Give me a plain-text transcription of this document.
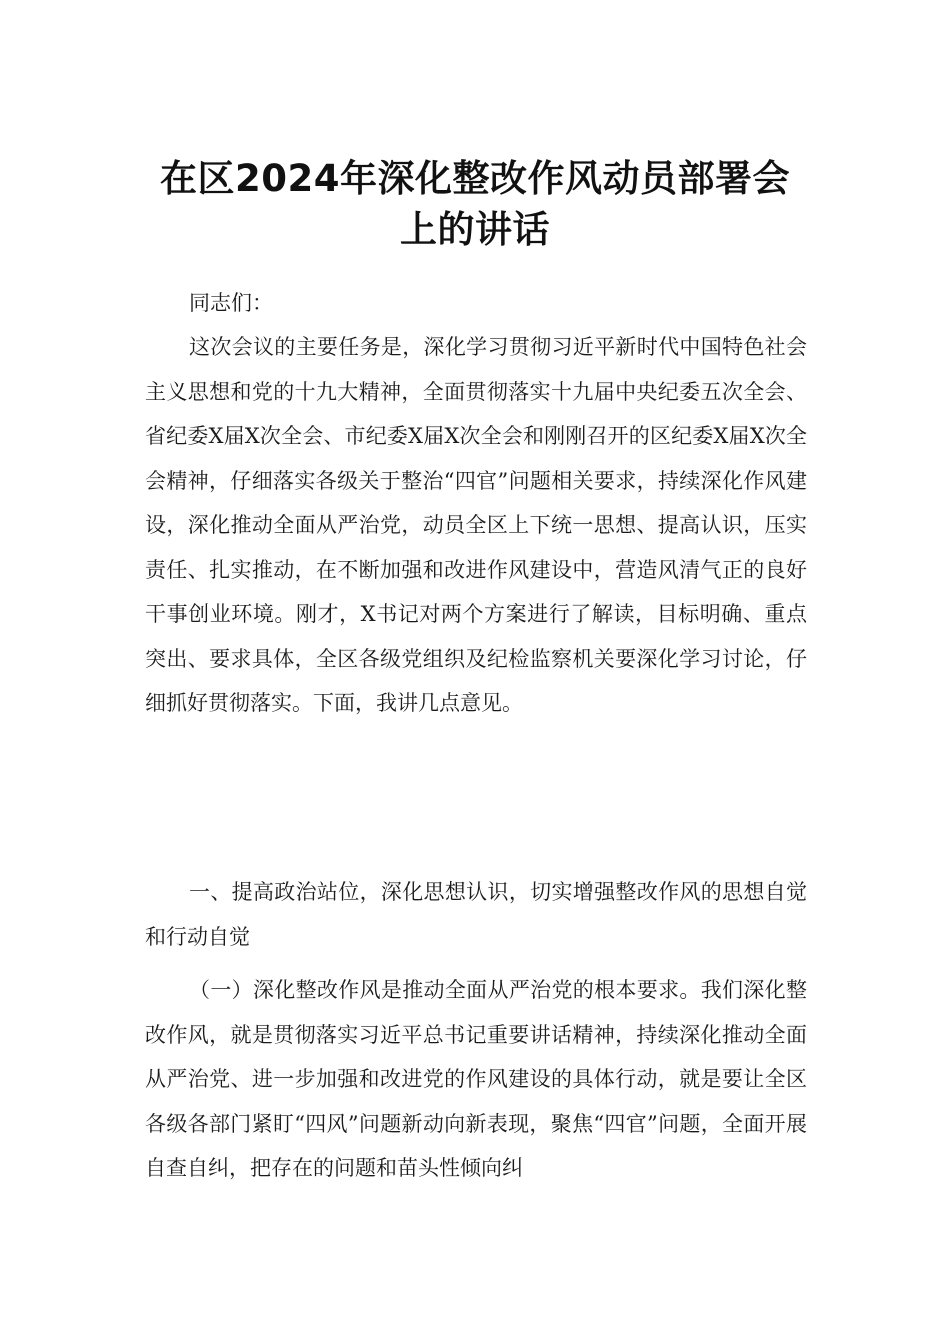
在区2024年深化整改作风动员部署会
上的讲话

同志们：

这次会议的主要任务是，深化学习贯彻习近平新时代中国特色社会主义思想和党的十九大精神，全面贯彻落实十九届中央纪委五次全会、省纪委X届X次全会、市纪委X届X次全会和刚刚召开的区纪委X届X次全会精神，仔细落实各级关于整治“四官”问题相关要求，持续深化作风建设，深化推动全面从严治党，动员全区上下统一思想、提高认识，压实责任、扎实推动，在不断加强和改进作风建设中，营造风清气正的良好干事创业环境。刚才，X书记对两个方案进行了解读，目标明确、重点突出、要求具体，全区各级党组织及纪检监察机关要深化学习讨论，仔细抓好贯彻落实。下面，我讲几点意见。

一、提高政治站位，深化思想认识，切实增强整改作风的思想自觉和行动自觉

（一）深化整改作风是推动全面从严治党的根本要求。我们深化整改作风，就是贯彻落实习近平总书记重要讲话精神，持续深化推动全面从严治党、进一步加强和改进党的作风建设的具体行动，就是要让全区各级各部门紧盯“四风”问题新动向新表现，聚焦“四官”问题，全面开展自查自纠，把存在的问题和苗头性倾向纠
